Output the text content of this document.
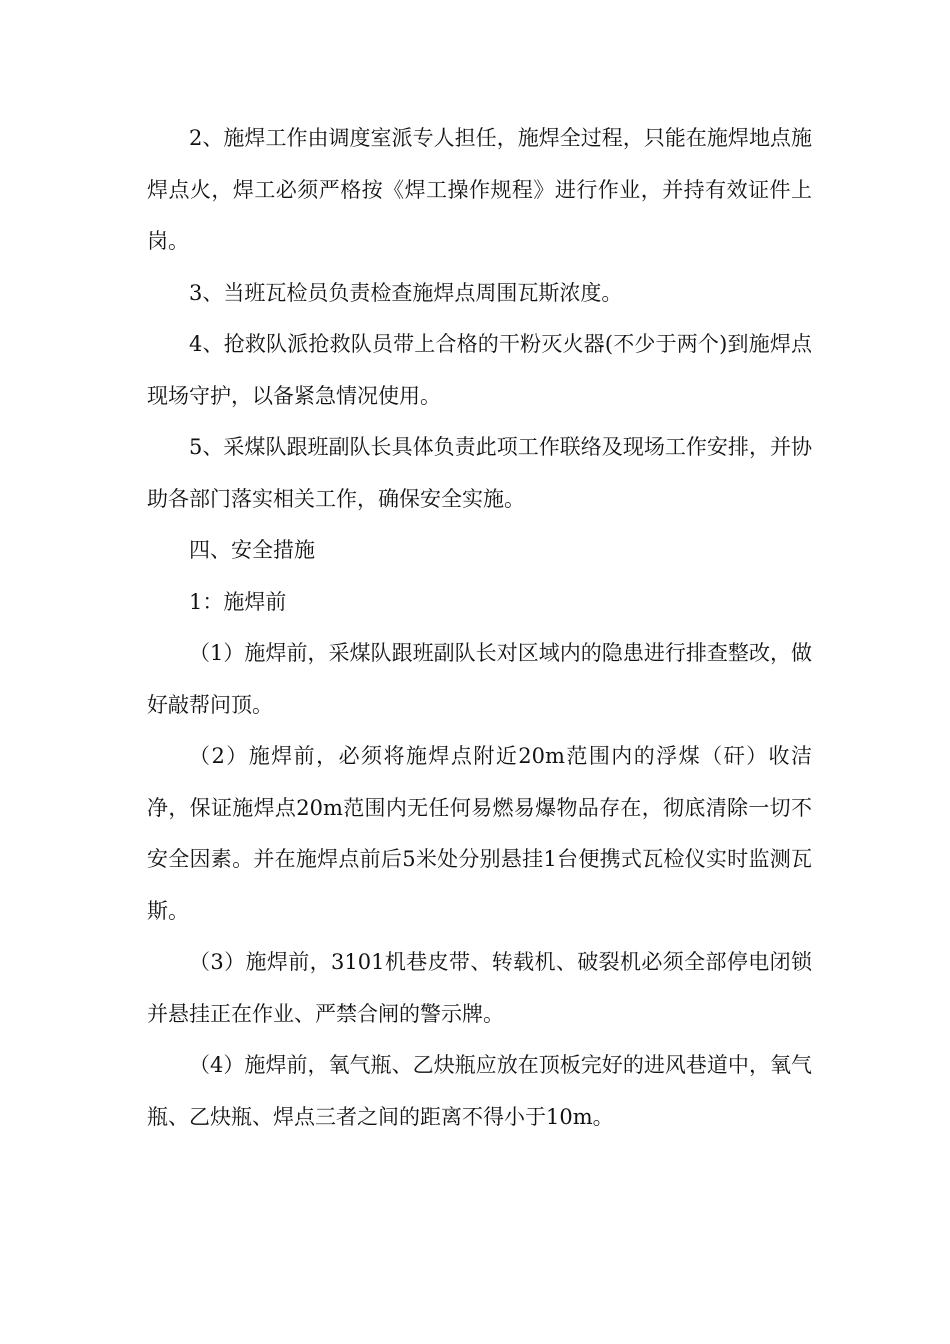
2、施焊工作由调度室派专人担任，施焊全过程，只能在施焊地点施焊点火，焊工必须严格按《焊工操作规程》进行作业，并持有效证件上岗。

3、当班瓦检员负责检查施焊点周围瓦斯浓度。

4、抢救队派抢救队员带上合格的干粉灭火器(不少于两个)到施焊点现场守护，以备紧急情况使用。

5、采煤队跟班副队长具体负责此项工作联络及现场工作安排，并协助各部门落实相关工作，确保安全实施。

四、安全措施

1：施焊前

（1）施焊前，采煤队跟班副队长对区域内的隐患进行排查整改，做好敲帮问顶。

（2）施焊前，必须将施焊点附近20m范围内的浮煤（矸）收洁净，保证施焊点20m范围内无任何易燃易爆物品存在，彻底清除一切不安全因素。并在施焊点前后5米处分别悬挂1台便携式瓦检仪实时监测瓦斯。

（3）施焊前，3101机巷皮带、转载机、破裂机必须全部停电闭锁并悬挂正在作业、严禁合闸的警示牌。

（4）施焊前，氧气瓶、乙炔瓶应放在顶板完好的进风巷道中，氧气瓶、乙炔瓶、焊点三者之间的距离不得小于10m。
